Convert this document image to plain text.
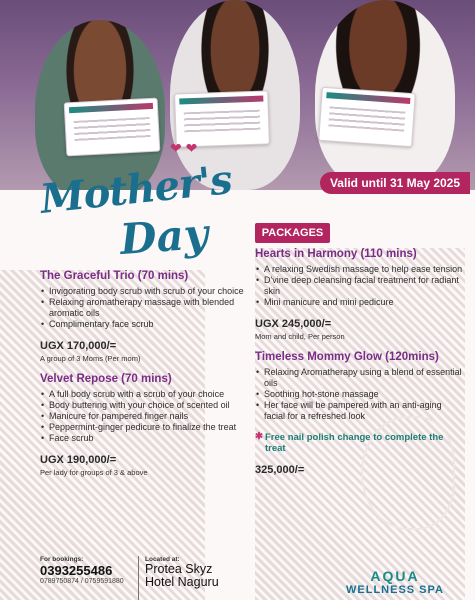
Valid until 31 May 2025
Mother's
Day
❤ ❤
PACKAGES
The Graceful Trio (70 mins)
• Invigorating body scrub with scrub of your choice
• Relaxing aromatherapy massage with blended aromatic oils
• Complimentary face scrub
UGX 170,000/=
A group of 3 Moms (Per mom)
Velvet Repose (70 mins)
• A full body scrub with a scrub of your choice
• Body buttering with your choice of scented oil
• Manicure for pampered finger nails
• Peppermint-ginger pedicure to finalize the treat
• Face scrub
UGX 190,000/=
Per lady for groups of 3 & above
Hearts in Harmony (110 mins)
• A relaxing Swedish massage to help ease tension
• D'vine deep cleansing facial treatment for radiant skin
• Mini manicure and mini pedicure
UGX 245,000/=
Mom and child, Per person
Timeless Mommy Glow (120mins)
• Relaxing Aromatherapy using a blend of essential oils
• Soothing hot-stone massage
• Her face will be pampered with an anti-aging facial for a refreshed look
✱ Free nail polish change to complete the treat
325,000/=
For bookings:
0393255486
0789750874 / 0759591880
Located at:
Protea Skyz
Hotel Naguru	AQUA
WELLNESS SPA
